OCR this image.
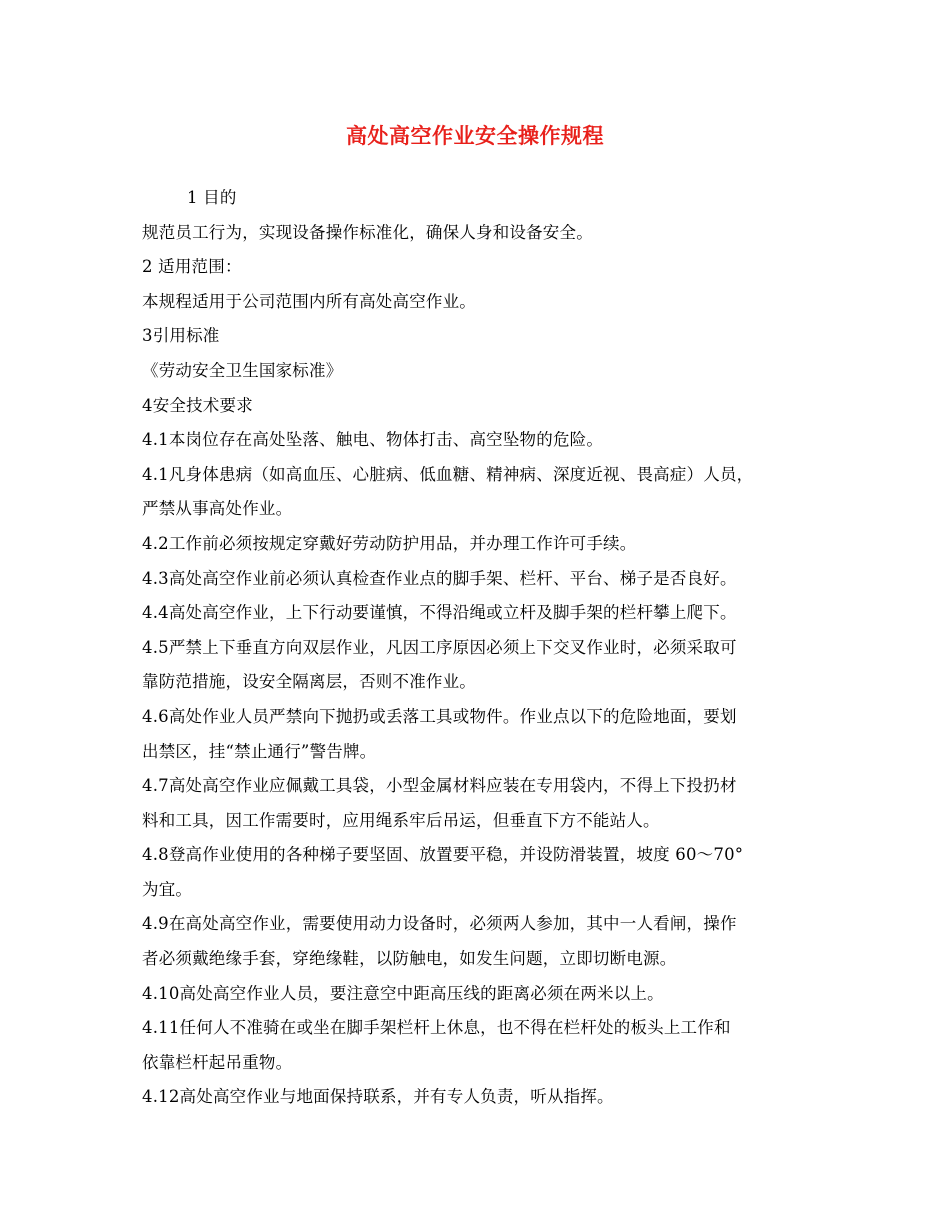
高处高空作业安全操作规程
1 目的
规范员工行为，实现设备操作标准化，确保人身和设备安全。
2 适用范围：
本规程适用于公司范围内所有高处高空作业。
3引用标准
《劳动安全卫生国家标准》
4安全技术要求
4.1本岗位存在高处坠落、触电、物体打击、高空坠物的危险。
4.1凡身体患病（如高血压、心脏病、低血糖、精神病、深度近视、畏高症）人员，
严禁从事高处作业。
4.2工作前必须按规定穿戴好劳动防护用品，并办理工作许可手续。
4.3高处高空作业前必须认真检查作业点的脚手架、栏杆、平台、梯子是否良好。
4.4高处高空作业，上下行动要谨慎，不得沿绳或立杆及脚手架的栏杆攀上爬下。
4.5严禁上下垂直方向双层作业，凡因工序原因必须上下交叉作业时，必须采取可
靠防范措施，设安全隔离层，否则不准作业。
4.6高处作业人员严禁向下抛扔或丢落工具或物件。作业点以下的危险地面，要划
出禁区，挂“禁止通行”警告牌。
4.7高处高空作业应佩戴工具袋，小型金属材料应装在专用袋内，不得上下投扔材
料和工具，因工作需要时，应用绳系牢后吊运，但垂直下方不能站人。
4.8登高作业使用的各种梯子要坚固、放置要平稳，并设防滑装置，坡度 60～70°
为宜。
4.9在高处高空作业，需要使用动力设备时，必须两人参加，其中一人看闸，操作
者必须戴绝缘手套，穿绝缘鞋，以防触电，如发生问题，立即切断电源。
4.10高处高空作业人员，要注意空中距高压线的距离必须在两米以上。
4.11任何人不准骑在或坐在脚手架栏杆上休息，也不得在栏杆处的板头上工作和
依靠栏杆起吊重物。
4.12高处高空作业与地面保持联系，并有专人负责，听从指挥。
